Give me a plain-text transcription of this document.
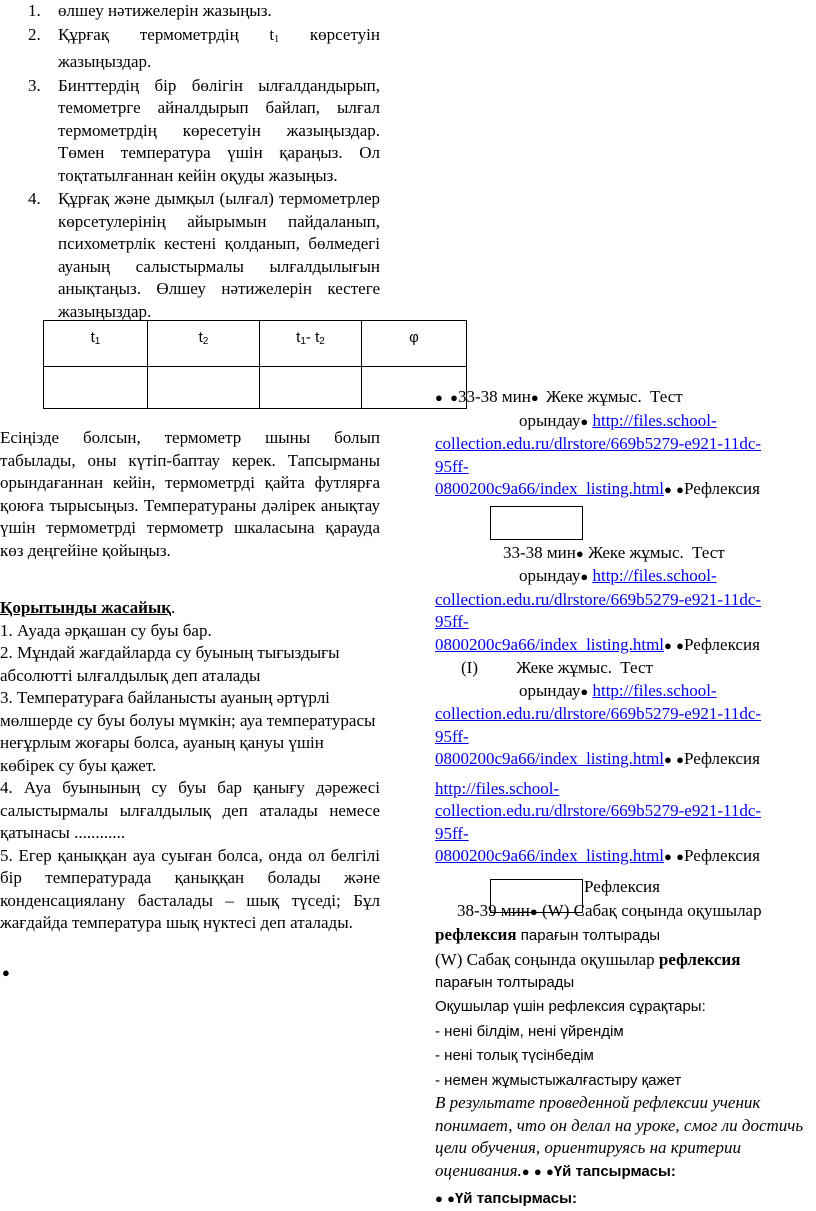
1. өлшеу нәтижелерін жазыңыз.
2. Құрғақ термометрдің $t_1$ көрсетуін жазыңыздар.
3. Бинттердің бір бөлігін ылғалдандырып, темометрге айналдырып байлап, ылғал термометрдің көресетуін жазыңыздар. Төмен температура үшін қараңыз. Ол тоқтатылғаннан кейін оқуды жазыңыз.
4. Құрғақ және дымқыл (ылғал) термометрлер көрсетулерінің айырымын пайдаланып, психометрлік кестені қолданып, бөлмедегі ауаның салыстырмалы ылғалдылығын анықтаңыз. Өлшеу нәтижелерін кестеге жазыңыздар.
$t_1$	$t_2$	$t_1-$ $t_2$	φ

Есіңізде болсын, термометр шыны болып табылады, оны күтіп-баптау керек. Тапсырманы орындағаннан кейін, термометрді қайта футлярға қоюға тырысыңыз. Температураны дәлірек анықтау үшін термометрді термометр шкаласына қарауда көз деңгейіне қойыңыз.
Қорытынды жасайық.
1. Ауада әрқашан су буы бар.
2. Мұндай жағдайларда су буының тығыздығы абсолютті ылғалдылық деп аталады
3. Температураға байланысты ауаның әртүрлі мөлшерде су буы болуы мүмкін; ауа температурасы неғұрлым жоғары болса, ауаның қануы үшін көбірек су буы қажет.
4. Ауа буынының су буы бар қанығу дәрежесі салыстырмалы ылғалдылық деп аталады немесе қатынасы ............
5. Егер қаныққан ауа суыған болса, онда ол белгілі бір температурада қаныққан болады және конденсациялану басталады – шық түседі; Бұл жағдайда температура шық нүктесі деп аталады.
●
● ●33-38 мин● Жеке жұмыс. Тест
орындау● http://files.school-
collection.edu.ru/dlrstore/669b5279-e921-11dc-
95ff-
0800200c9a66/index_listing.html● ●Рефлексия
33-38 мин● Жеке жұмыс. Тест
орындау● http://files.school-
collection.edu.ru/dlrstore/669b5279-e921-11dc-
95ff-
0800200c9a66/index_listing.html● ●Рефлексия
(I) Жеке жұмыс. Тест
орындау● http://files.school-
collection.edu.ru/dlrstore/669b5279-e921-11dc-
95ff-
0800200c9a66/index_listing.html● ●Рефлексия
http://files.school-
collection.edu.ru/dlrstore/669b5279-e921-11dc-
95ff-
0800200c9a66/index_listing.html● ●Рефлексия
Рефлексия
38-39 мин● (W) Сабақ соңында оқушылар
рефлексия парағын толтырады
(W) Сабақ соңында оқушылар рефлексия
парағын толтырады
Оқушылар үшін рефлексия сұрақтары:
- нені білдім, нені үйрендім
- нені толық түсінбедім
- немен жұмыстыжалғастыру қажет
В результате проведенной рефлексии ученик понимает, что он делал на уроке, смог ли достичь цели обучения, ориентируясь на критерии оценивания.● ● ●Үй тапсырмасы:
● ●Үй тапсырмасы:
